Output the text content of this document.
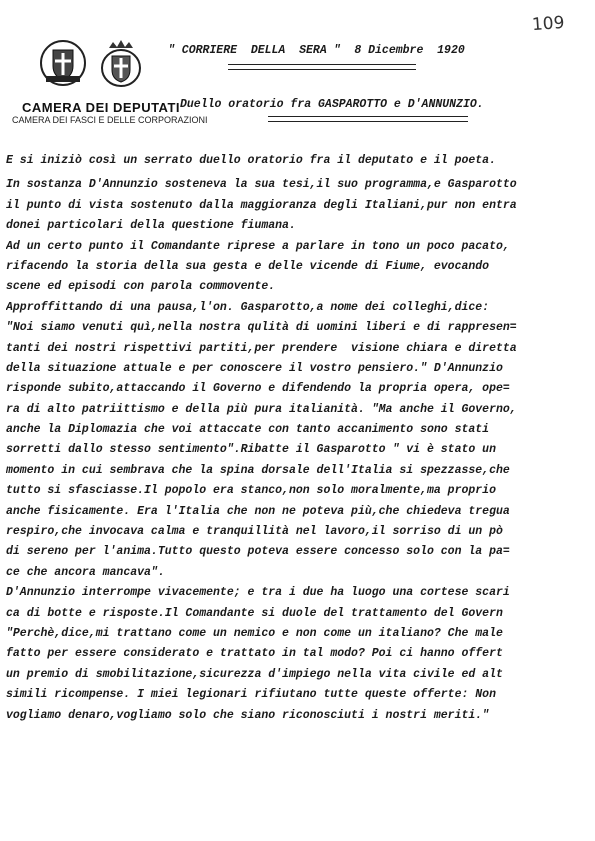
109
CAMERA DEI DEPUTATI
CAMERA DEI FASCI E DELLE CORPORAZIONI
" CORRIERE  DELLA  SERA "  8 Dicembre  1920
Duello oratorio fra GASPAROTTO e D'ANNUNZIO.
E si iniziò così un serrato duello oratorio fra il deputato e il poeta.
In sostanza D'Annunzio sosteneva la sua tesi,il suo programma,e Gasparotto
il punto di vista sostenuto dalla maggioranza degli Italiani,pur non entra
donei particolari della questione fiumana.
Ad un certo punto il Comandante riprese a parlare in tono un poco pacato,
rifacendo la storia della sua gesta e delle vicende di Fiume, evocando
scene ed episodi con parola commovente.
Approffittando di una pausa,l'on. Gasparotto,a nome dei colleghi,dice:
"Noi siamo venuti quì,nella nostra qulità di uomini liberi e di rappresen=
tanti dei nostri rispettivi partiti,per prendere  visione chiara e diretta
della situazione attuale e per conoscere il vostro pensiero." D'Annunzio
risponde subito,attaccando il Governo e difendendo la propria opera, ope=
ra di alto patriittismo e della più pura italianità. "Ma anche il Governo,
anche la Diplomazia che voi attaccate con tanto accanimento sono stati
sorretti dallo stesso sentimento".Ribatte il Gasparotto " vi è stato un
momento in cui sembrava che la spina dorsale dell'Italia si spezzasse,che
tutto si sfasciasse.Il popolo era stanco,non solo moralmente,ma proprio
anche fisicamente. Era l'Italia che non ne poteva più,che chiedeva tregua
respiro,che invocava calma e tranquillità nel lavoro,il sorriso di un pò
di sereno per l'anima.Tutto questo poteva essere concesso solo con la pa=
ce che ancora mancava".
D'Annunzio interrompe vivacemente; e tra i due ha luogo una cortese scari
ca di botte e risposte.Il Comandante si duole del trattamento del Govern
"Perchè,dice,mi trattano come un nemico e non come un italiano? Che male
fatto per essere considerato e trattato in tal modo? Poi ci hanno offert
un premio di smobilitazione,sicurezza d'impiego nella vita civile ed alt
simili ricompense. I miei legionari rifiutano tutte queste offerte: Non
vogliamo denaro,vogliamo solo che siano riconosciuti i nostri meriti."
